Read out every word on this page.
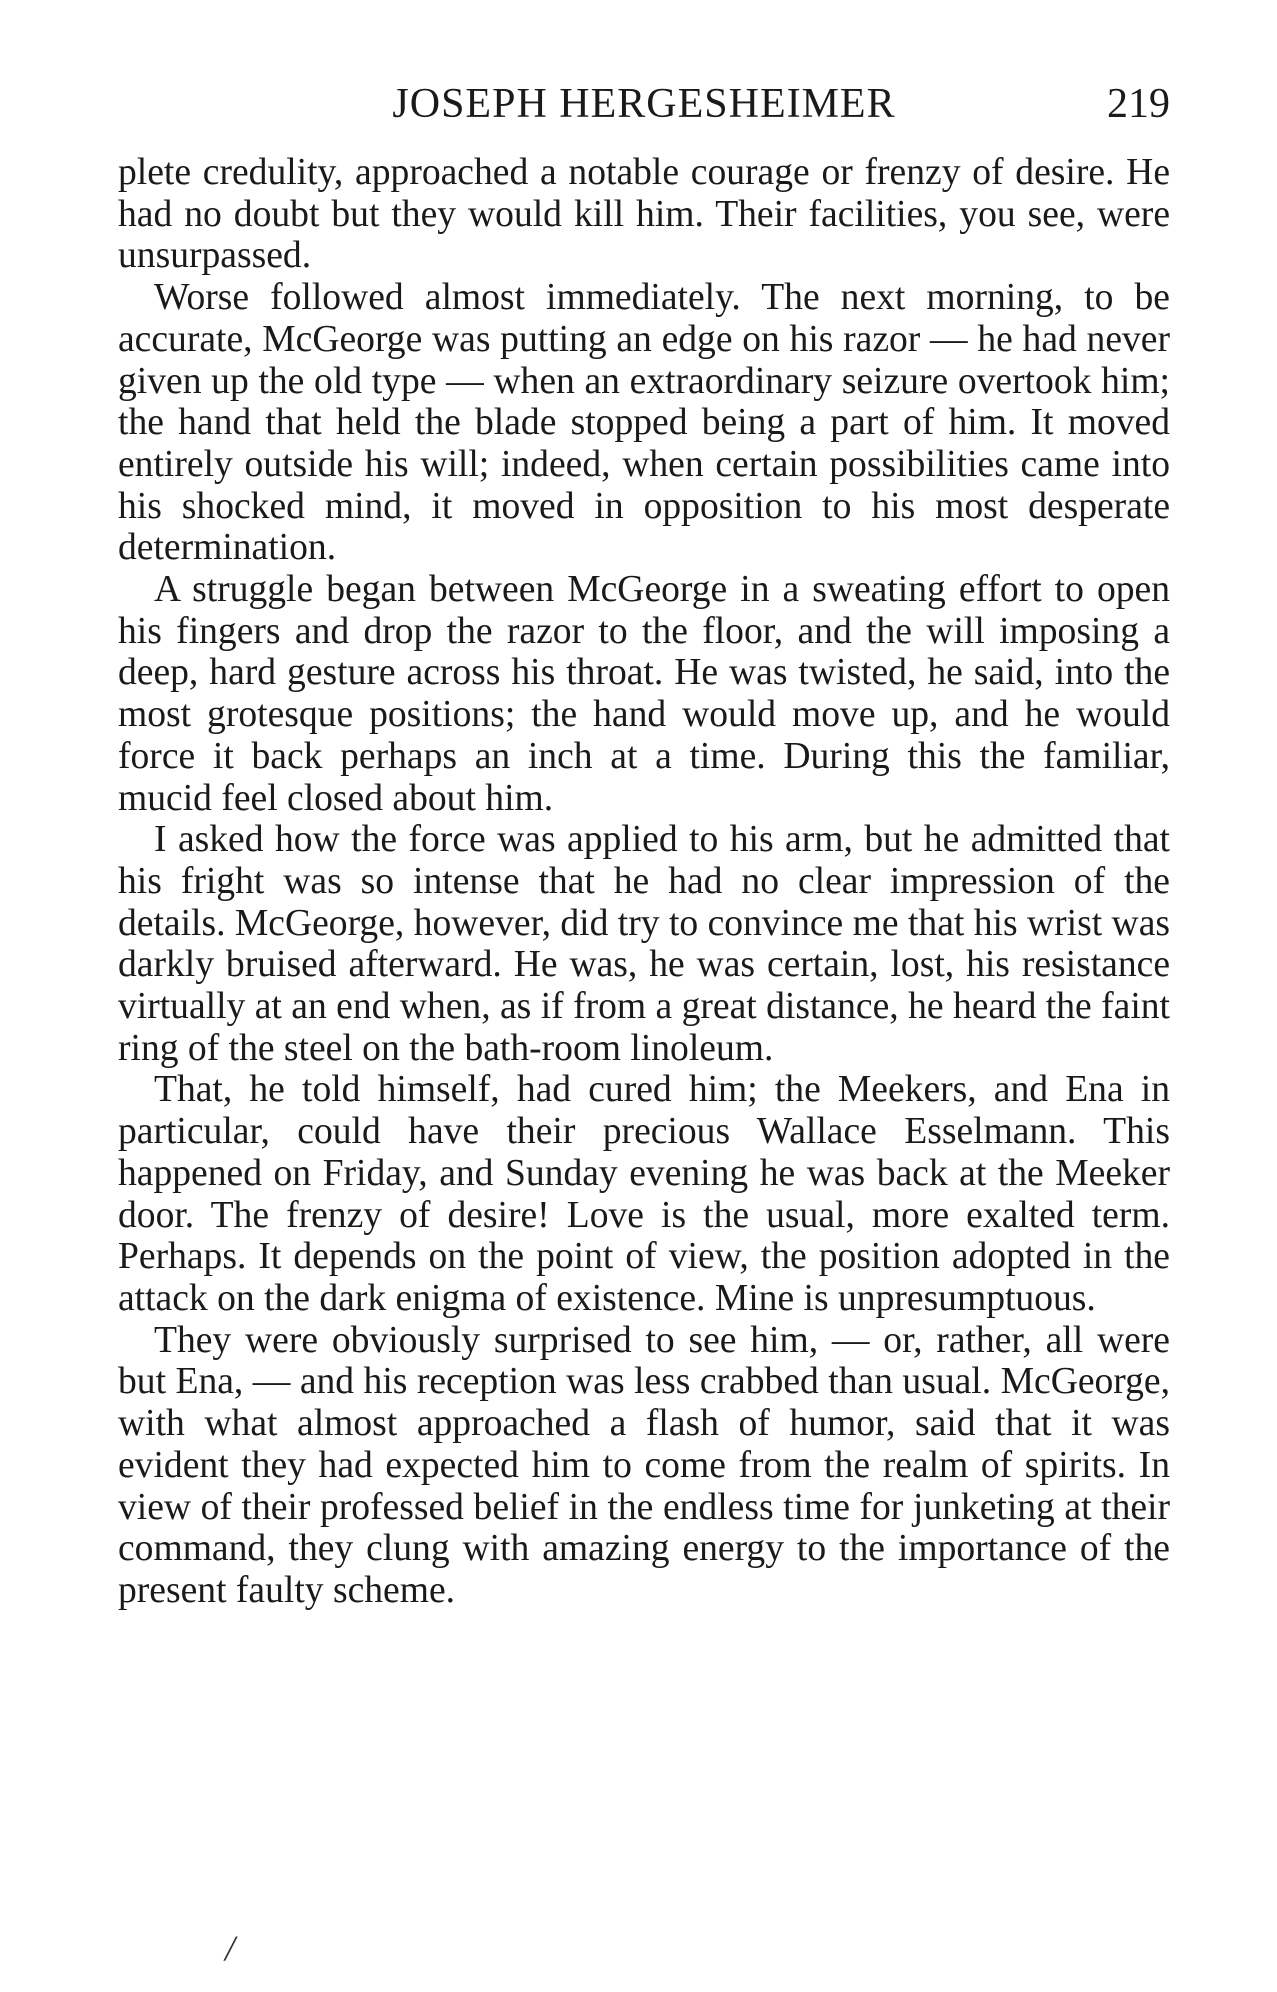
JOSEPH HERGESHEIMER	219

plete credulity, approached a notable courage or frenzy of desire. He had no doubt but they would kill him. Their facilities, you see, were unsurpassed.

Worse followed almost immediately. The next morning, to be accurate, McGeorge was putting an edge on his razor — he had never given up the old type — when an extraordinary seizure overtook him; the hand that held the blade stopped being a part of him. It moved entirely outside his will; indeed, when certain possibilities came into his shocked mind, it moved in opposition to his most desperate determination.

A struggle began between McGeorge in a sweating effort to open his fingers and drop the razor to the floor, and the will imposing a deep, hard gesture across his throat. He was twisted, he said, into the most grotesque positions; the hand would move up, and he would force it back perhaps an inch at a time. During this the familiar, mucid feel closed about him.

I asked how the force was applied to his arm, but he admitted that his fright was so intense that he had no clear impression of the details. McGeorge, however, did try to convince me that his wrist was darkly bruised afterward. He was, he was certain, lost, his resistance virtually at an end when, as if from a great distance, he heard the faint ring of the steel on the bath-room linoleum.

That, he told himself, had cured him; the Meekers, and Ena in particular, could have their precious Wallace Esselmann. This happened on Friday, and Sunday evening he was back at the Meeker door. The frenzy of desire! Love is the usual, more exalted term. Perhaps. It depends on the point of view, the position adopted in the attack on the dark enigma of existence. Mine is unpresumptuous.

They were obviously surprised to see him, — or, rather, all were but Ena, — and his reception was less crabbed than usual. McGeorge, with what almost approached a flash of humor, said that it was evident they had expected him to come from the realm of spirits. In view of their professed belief in the endless time for junketing at their command, they clung with amazing energy to the importance of the present faulty scheme.

/
